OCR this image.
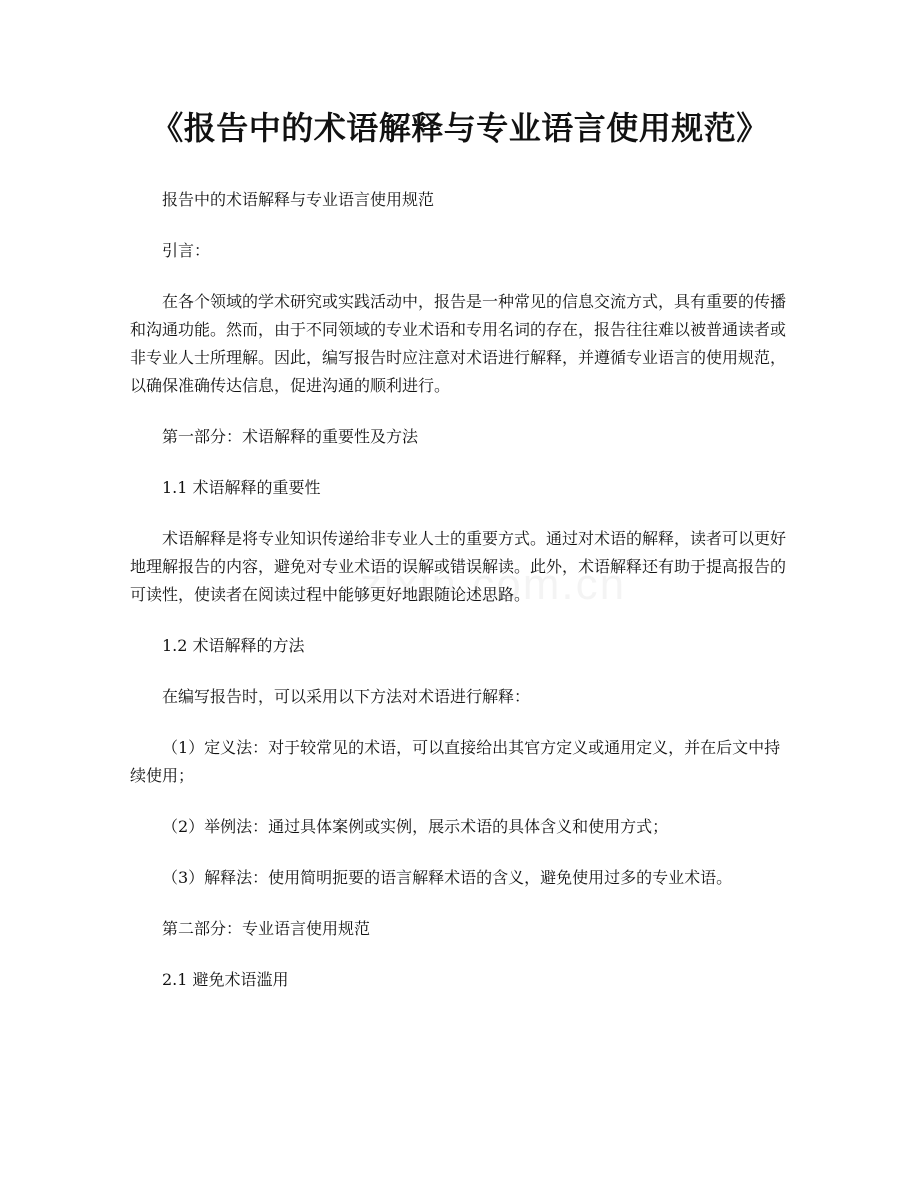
《报告中的术语解释与专业语言使用规范》

报告中的术语解释与专业语言使用规范

引言：

在各个领域的学术研究或实践活动中，报告是一种常见的信息交流方式，具有重要的传播和沟通功能。然而，由于不同领域的专业术语和专用名词的存在，报告往往难以被普通读者或非专业人士所理解。因此，编写报告时应注意对术语进行解释，并遵循专业语言的使用规范，以确保准确传达信息，促进沟通的顺利进行。

第一部分：术语解释的重要性及方法

1.1 术语解释的重要性

术语解释是将专业知识传递给非专业人士的重要方式。通过对术语的解释，读者可以更好地理解报告的内容，避免对专业术语的误解或错误解读。此外，术语解释还有助于提高报告的可读性，使读者在阅读过程中能够更好地跟随论述思路。

1.2 术语解释的方法

在编写报告时，可以采用以下方法对术语进行解释：

（1）定义法：对于较常见的术语，可以直接给出其官方定义或通用定义，并在后文中持续使用；

（2）举例法：通过具体案例或实例，展示术语的具体含义和使用方式；

（3）解释法：使用简明扼要的语言解释术语的含义，避免使用过多的专业术语。

第二部分：专业语言使用规范

2.1 避免术语滥用
